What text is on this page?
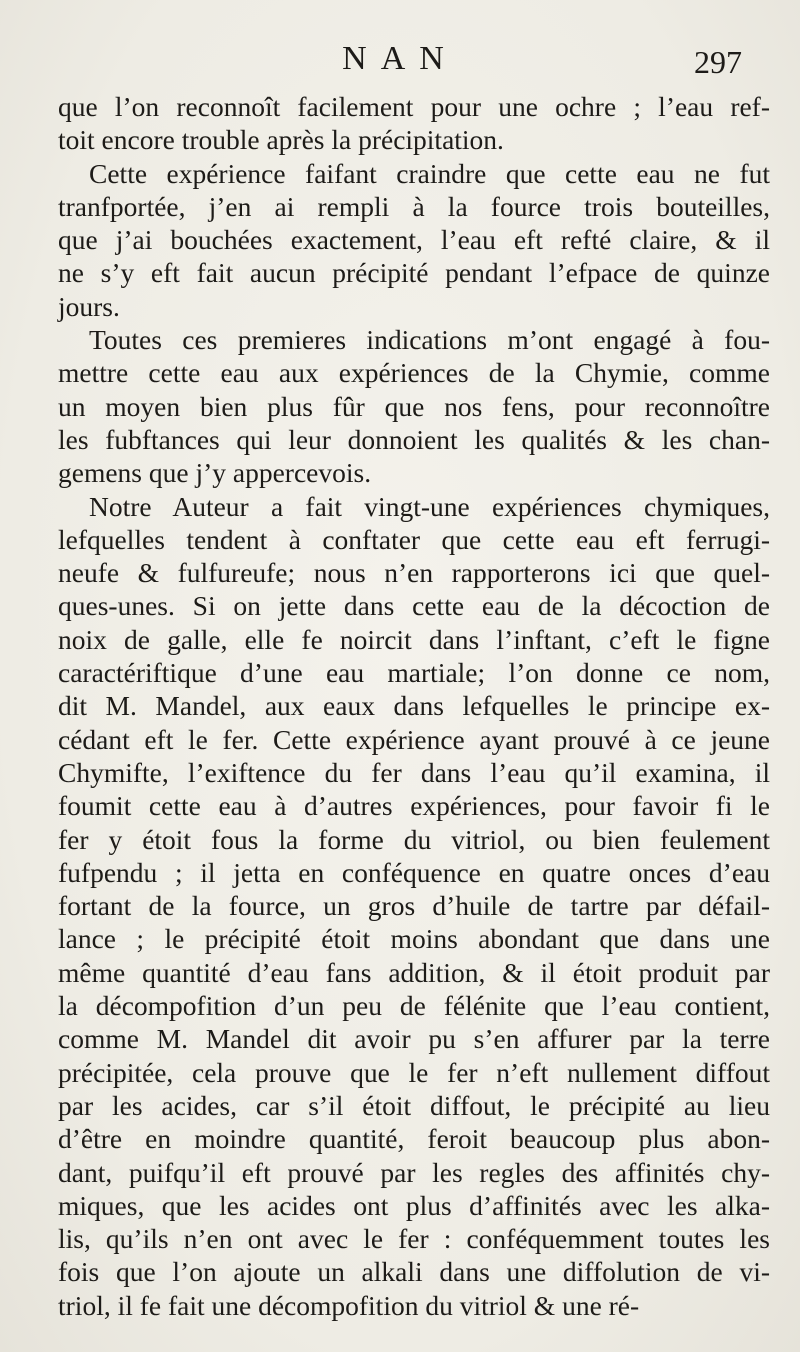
NAN	297
que l’on reconnoît facilement pour une ochre ; l’eau ref-
toit encore trouble après la précipitation.
Cette expérience faifant craindre que cette eau ne fut
tranfportée, j’en ai rempli à la fource trois bouteilles,
que j’ai bouchées exactement, l’eau eft refté claire, & il
ne s’y eft fait aucun précipité pendant l’efpace de quinze
jours.
Toutes ces premieres indications m’ont engagé à fou-
mettre cette eau aux expériences de la Chymie, comme
un moyen bien plus fûr que nos fens, pour reconnoître
les fubftances qui leur donnoient les qualités & les chan-
gemens que j’y appercevois.
Notre Auteur a fait vingt-une expériences chymiques,
lefquelles tendent à conftater que cette eau eft ferrugi-
neufe & fulfureufe; nous n’en rapporterons ici que quel-
ques-unes. Si on jette dans cette eau de la décoction de
noix de galle, elle fe noircit dans l’inftant, c’eft le figne
caractériftique d’une eau martiale; l’on donne ce nom,
dit M. Mandel, aux eaux dans lefquelles le principe ex-
cédant eft le fer. Cette expérience ayant prouvé à ce jeune
Chymifte, l’exiftence du fer dans l’eau qu’il examina, il
foumit cette eau à d’autres expériences, pour favoir fi le
fer y étoit fous la forme du vitriol, ou bien feulement
fufpendu ; il jetta en conféquence en quatre onces d’eau
fortant de la fource, un gros d’huile de tartre par défail-
lance ; le précipité étoit moins abondant que dans une
même quantité d’eau fans addition, & il étoit produit par
la décompofition d’un peu de félénite que l’eau contient,
comme M. Mandel dit avoir pu s’en affurer par la terre
précipitée, cela prouve que le fer n’eft nullement diffout
par les acides, car s’il étoit diffout, le précipité au lieu
d’être en moindre quantité, feroit beaucoup plus abon-
dant, puifqu’il eft prouvé par les regles des affinités chy-
miques, que les acides ont plus d’affinités avec les alka-
lis, qu’ils n’en ont avec le fer : conféquemment toutes les
fois que l’on ajoute un alkali dans une diffolution de vi-
triol, il fe fait une décompofition du vitriol & une ré-
